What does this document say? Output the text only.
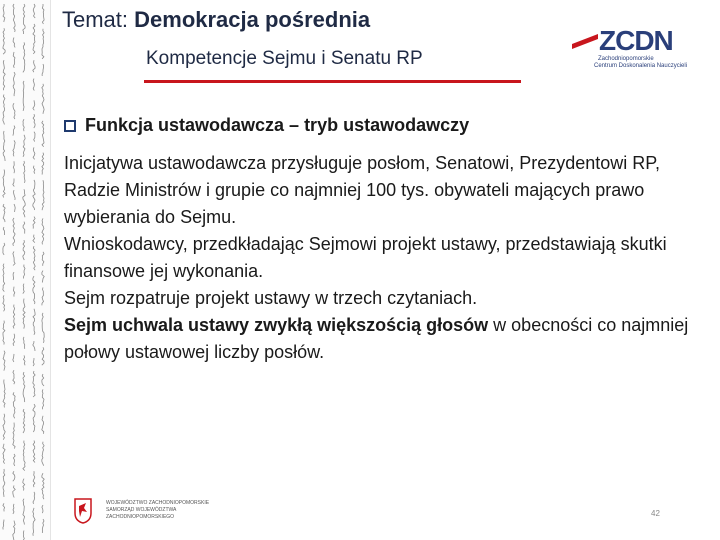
Temat: Demokracja pośrednia
Kompetencje Sejmu i Senatu RP
ZCDN
Zachodniopomorskie
Centrum Doskonalenia Nauczycieli
Funkcja ustawodawcza – tryb ustawodawczy

Inicjatywa ustawodawcza przysługuje posłom, Senatowi, Prezydentowi RP, Radzie Ministrów i grupie co najmniej 100 tys. obywateli mających prawo wybierania do Sejmu.

Wnioskodawcy, przedkładając Sejmowi projekt ustawy, przedstawiają skutki finansowe jej wykonania.

Sejm rozpatruje projekt ustawy w trzech czytaniach.

Sejm uchwala ustawy zwykłą większością głosów w obecności co najmniej połowy ustawowej liczby posłów.

WOJEWÓDZTWO ZACHODNIOPOMORSKIE
SAMORZĄD WOJEWÓDZTWA
ZACHODNIOPOMORSKIEGO	42
